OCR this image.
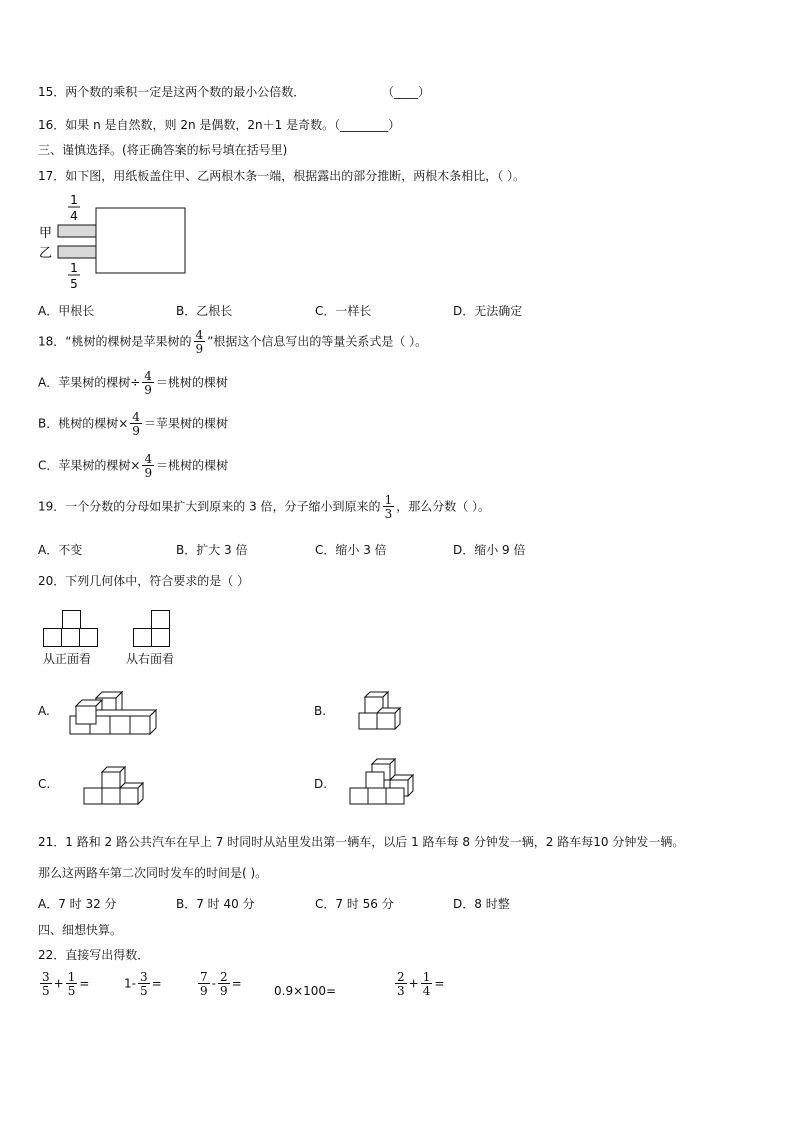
15．两个数的乘积一定是这两个数的最小公倍数．	（____）
16．如果 n 是自然数，则 2n 是偶数，2n＋1 是奇数。（________）
三、谨慎选择。(将正确答案的标号填在括号里)
17．如下图，用纸板盖住甲、乙两根木条一端，根据露出的部分推断，两根木条相比，（ ）。
1
4
甲
乙
1
5
A．甲根长	B．乙根长	C．一样长	D．无法确定
18．“桃树的棵树是苹果树的 $\frac{4}{9}$ ”根据这个信息写出的等量关系式是（ ）。
A．苹果树的棵树÷ $\frac{4}{9}$ ＝桃树的棵树
B．桃树的棵树× $\frac{4}{9}$ ＝苹果树的棵树
C．苹果树的棵树× $\frac{4}{9}$ ＝桃树的棵树
19．一个分数的分母如果扩大到原来的 3 倍，分子缩小到原来的 $\frac{1}{3}$ ，那么分数（ ）。
A．不变	B．扩大 3 倍	C．缩小 3 倍	D．缩小 9 倍
20．下列几何体中，符合要求的是（ ）
从正面看	从右面看
A.	B.
C.	D.
21．1 路和 2 路公共汽车在早上 7 时同时从站里发出第一辆车，以后 1 路车每 8 分钟发一辆，2 路车每10 分钟发一辆。
那么这两路车第二次同时发车的时间是( )。
A．7 时 32 分	B．7 时 40 分	C．7 时 56 分	D．8 时整
四、细想快算。
22．直接写出得数．
$\frac{3}{5} + \frac{1}{5}$ =	$1- \frac{3}{5}$ =	$\frac{7}{9} - \frac{2}{9}$ =
0.9×100=	$\frac{2}{3} + \frac{1}{4}$ =
